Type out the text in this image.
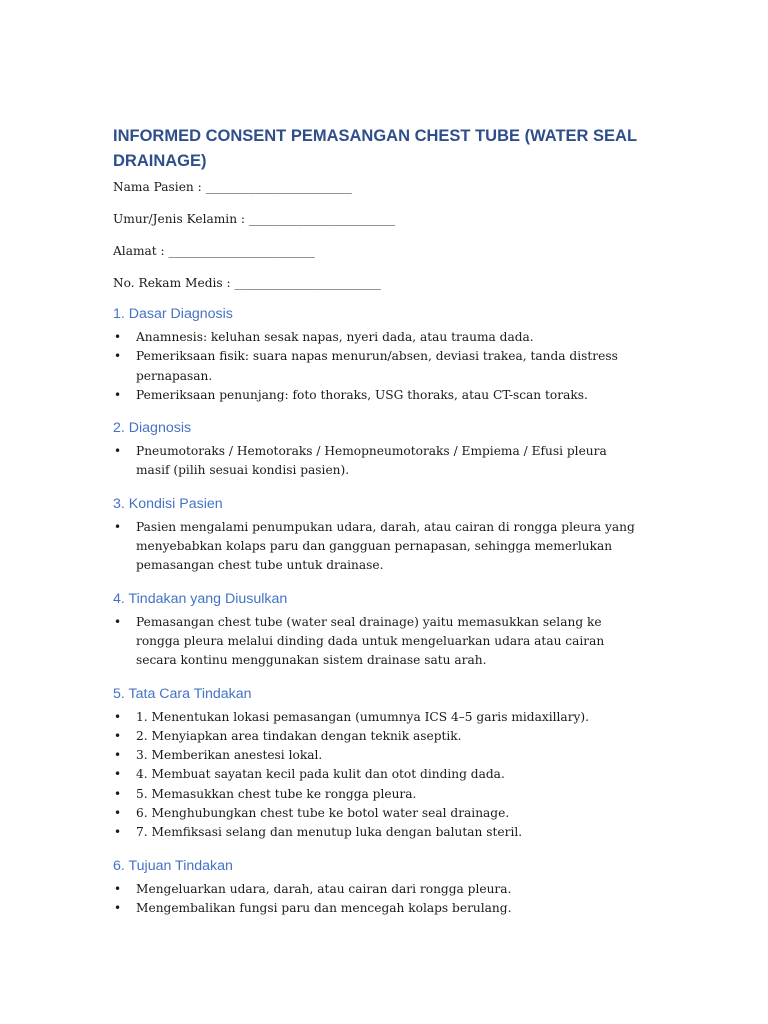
INFORMED CONSENT PEMASANGAN CHEST TUBE (WATER SEAL DRAINAGE)

Nama Pasien : ________________________

Umur/Jenis Kelamin : ________________________

Alamat : ________________________

No. Rekam Medis : ________________________

1. Dasar Diagnosis
• Anamnesis: keluhan sesak napas, nyeri dada, atau trauma dada.
• Pemeriksaan fisik: suara napas menurun/absen, deviasi trakea, tanda distress pernapasan.
• Pemeriksaan penunjang: foto thoraks, USG thoraks, atau CT-scan toraks.
2. Diagnosis
• Pneumotoraks / Hemotoraks / Hemopneumotoraks / Empiema / Efusi pleura masif (pilih sesuai kondisi pasien).
3. Kondisi Pasien
• Pasien mengalami penumpukan udara, darah, atau cairan di rongga pleura yang menyebabkan kolaps paru dan gangguan pernapasan, sehingga memerlukan pemasangan chest tube untuk drainase.
4. Tindakan yang Diusulkan
• Pemasangan chest tube (water seal drainage) yaitu memasukkan selang ke rongga pleura melalui dinding dada untuk mengeluarkan udara atau cairan secara kontinu menggunakan sistem drainase satu arah.
5. Tata Cara Tindakan
• 1. Menentukan lokasi pemasangan (umumnya ICS 4–5 garis midaxillary).
• 2. Menyiapkan area tindakan dengan teknik aseptik.
• 3. Memberikan anestesi lokal.
• 4. Membuat sayatan kecil pada kulit dan otot dinding dada.
• 5. Memasukkan chest tube ke rongga pleura.
• 6. Menghubungkan chest tube ke botol water seal drainage.
• 7. Memfiksasi selang dan menutup luka dengan balutan steril.
6. Tujuan Tindakan
• Mengeluarkan udara, darah, atau cairan dari rongga pleura.
• Mengembalikan fungsi paru dan mencegah kolaps berulang.
